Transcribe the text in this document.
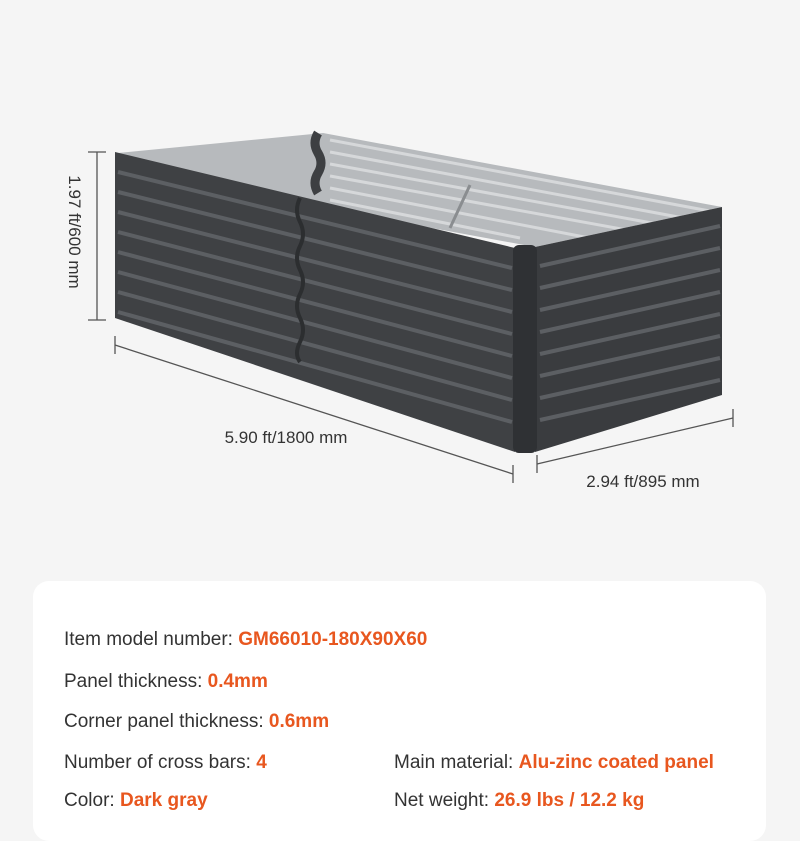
1.97 ft/600 mm
5.90 ft/1800 mm
2.94 ft/895 mm
Item model number: GM66010-180X90X60
Panel thickness: 0.4mm
Corner panel thickness: 0.6mm
Number of cross bars: 4	Main material: Alu-zinc coated panel
Color: Dark gray	Net weight: 26.9 lbs / 12.2 kg
